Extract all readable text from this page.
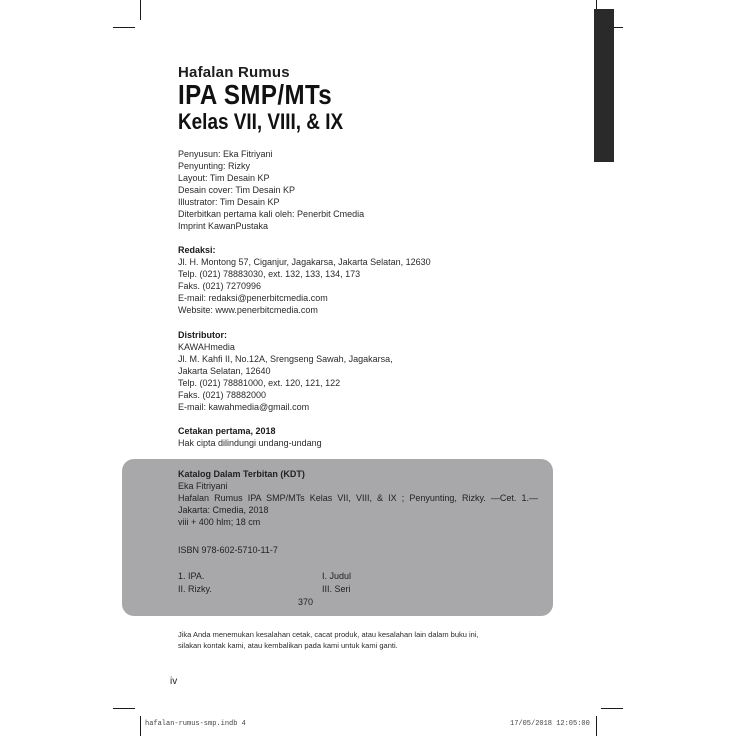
Hafalan Rumus
IPA SMP/MTs
Kelas VII, VIII, & IX
Penyusun: Eka Fitriyani
Penyunting: Rizky
Layout: Tim Desain KP
Desain cover: Tim Desain KP
Illustrator: Tim Desain KP
Diterbitkan pertama kali oleh: Penerbit Cmedia
Imprint KawanPustaka
Redaksi:
Jl. H. Montong 57, Ciganjur, Jagakarsa, Jakarta Selatan, 12630
Telp. (021) 78883030, ext. 132, 133, 134, 173
Faks. (021) 7270996
E-mail: redaksi@penerbitcmedia.com
Website: www.penerbitcmedia.com
Distributor:
KAWAHmedia
Jl. M. Kahfi II, No.12A, Srengseng Sawah, Jagakarsa,
Jakarta Selatan, 12640
Telp. (021) 78881000, ext. 120, 121, 122
Faks. (021) 78882000
E-mail: kawahmedia@gmail.com
Cetakan pertama, 2018
Hak cipta dilindungi undang-undang
Katalog Dalam Terbitan (KDT)
Eka Fitriyani
Hafalan Rumus IPA SMP/MTs Kelas VII, VIII, & IX ; Penyunting, Rizky. —Cet. 1.—
Jakarta: Cmedia, 2018
viii + 400 hlm; 18 cm
ISBN 978-602-5710-11-7
1. IPA.
II. Rizky.
I. Judul
III. Seri
370
Jika Anda menemukan kesalahan cetak, cacat produk, atau kesalahan lain dalam buku ini,
silakan kontak kami, atau kembalikan pada kami untuk kami ganti.
iv
hafalan-rumus-smp.indb 4	17/05/2018 12:05:00
